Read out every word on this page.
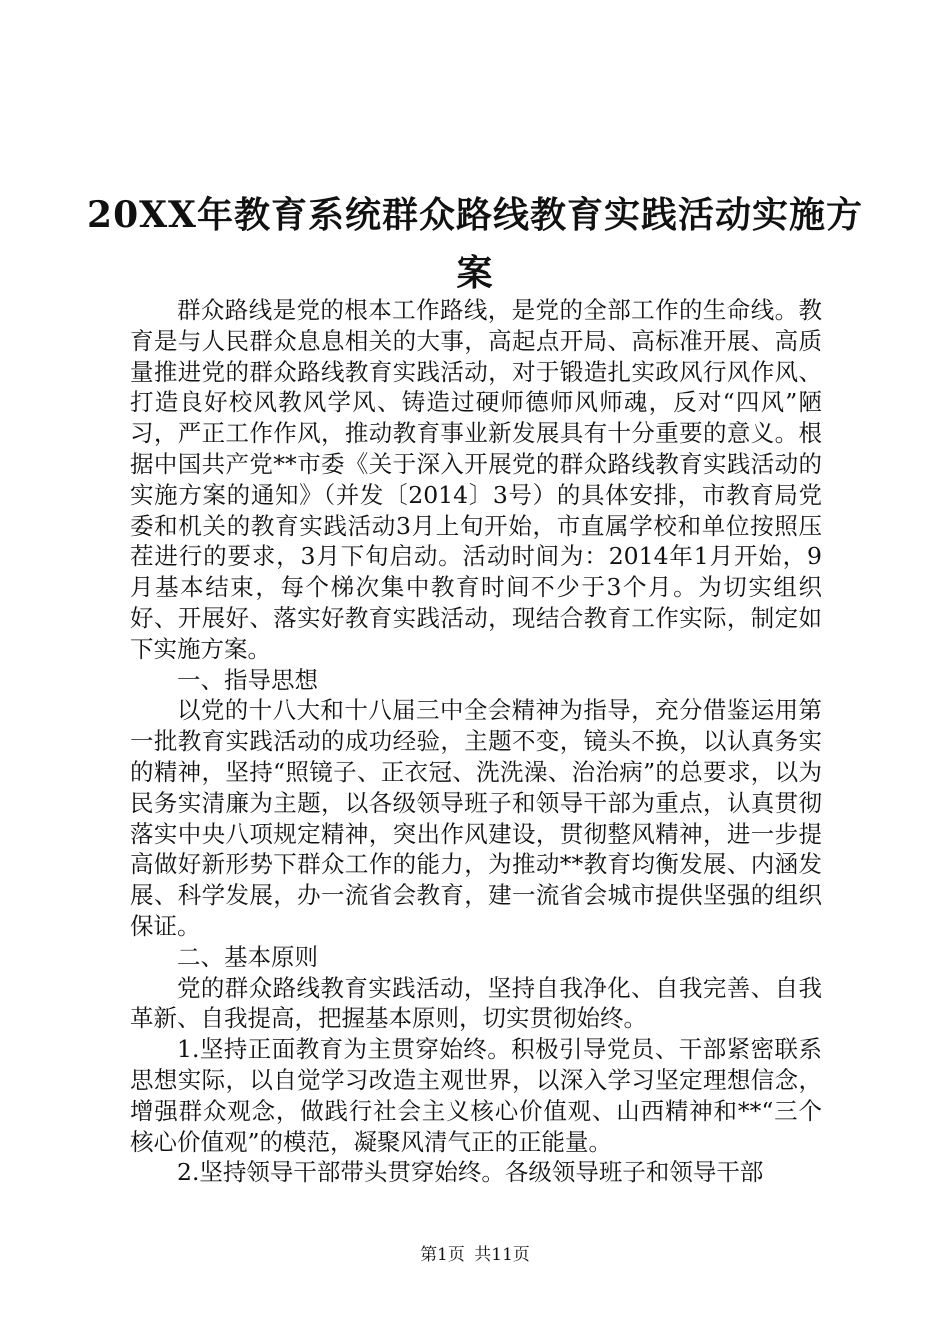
20XX年教育系统群众路线教育实践活动实施方案

群众路线是党的根本工作路线，是党的全部工作的生命线。教育是与人民群众息息相关的大事，高起点开局、高标准开展、高质量推进党的群众路线教育实践活动，对于锻造扎实政风行风作风、打造良好校风教风学风、铸造过硬师德师风师魂，反对“四风”陋习，严正工作作风，推动教育事业新发展具有十分重要的意义。根据中国共产党**市委《关于深入开展党的群众路线教育实践活动的实施方案的通知》（并发〔2014〕3号）的具体安排，市教育局党委和机关的教育实践活动3月上旬开始，市直属学校和单位按照压茬进行的要求，3月下旬启动。活动时间为：2014年1月开始，9月基本结束，每个梯次集中教育时间不少于3个月。为切实组织好、开展好、落实好教育实践活动，现结合教育工作实际，制定如下实施方案。

一、指导思想

以党的十八大和十八届三中全会精神为指导，充分借鉴运用第一批教育实践活动的成功经验，主题不变，镜头不换，以认真务实的精神，坚持“照镜子、正衣冠、洗洗澡、治治病”的总要求，以为民务实清廉为主题，以各级领导班子和领导干部为重点，认真贯彻落实中央八项规定精神，突出作风建设，贯彻整风精神，进一步提高做好新形势下群众工作的能力，为推动**教育均衡发展、内涵发展、科学发展，办一流省会教育，建一流省会城市提供坚强的组织保证。

二、基本原则

党的群众路线教育实践活动，坚持自我净化、自我完善、自我革新、自我提高，把握基本原则，切实贯彻始终。

1.坚持正面教育为主贯穿始终。积极引导党员、干部紧密联系思想实际，以自觉学习改造主观世界，以深入学习坚定理想信念，增强群众观念，做践行社会主义核心价值观、山西精神和**“三个核心价值观”的模范，凝聚风清气正的正能量。

2.坚持领导干部带头贯穿始终。各级领导班子和领导干部

第1页 共11页
